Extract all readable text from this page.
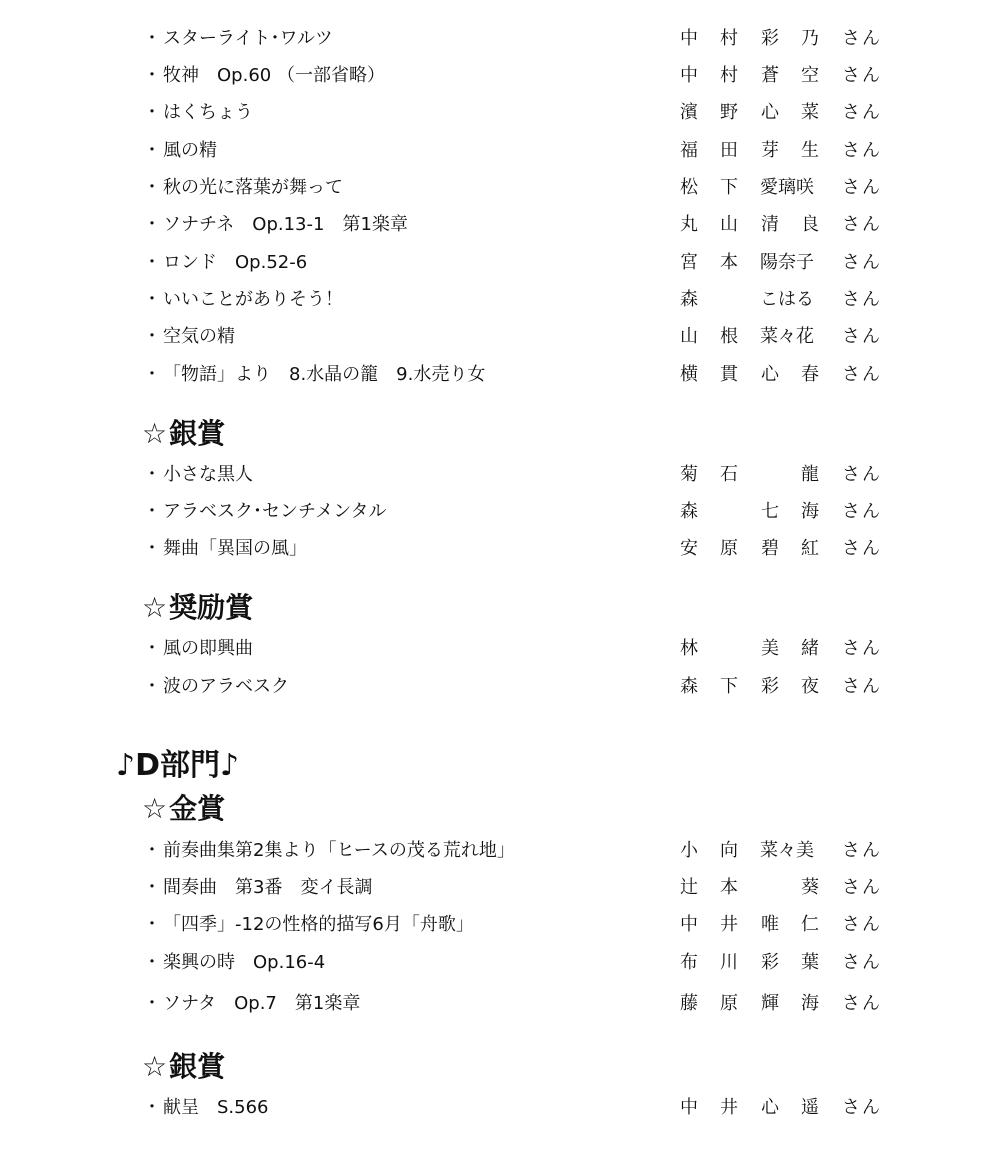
・ スターライト･ワルツ	中 村 彩 乃 さん
・ 牧神　Op.60 （一部省略）	中 村 蒼 空 さん
・ はくちょう	濱 野 心 菜 さん
・ 風の精	福 田 芽 生 さん
・ 秋の光に落葉が舞って	松 下 愛璃咲 さん
・ ソナチネ　Op.13-1　第1楽章	丸 山 清 良 さん
・ ロンド　Op.52-6	宮 本 陽奈子 さん
・ いいことがありそう！	森	こはる さん
・ 空気の精	山 根 菜々花 さん
・ 「物語」より　8.水晶の籠　9.水売り女	横 貫 心 春 さん
☆銀賞
・ 小さな黒人	菊 石	龍 さん
・ アラベスク･センチメンタル	森	七 海 さん
・ 舞曲「異国の風」	安 原 碧 紅 さん
☆奨励賞
・ 風の即興曲	林	美 緒 さん
・ 波のアラベスク	森 下 彩 夜 さん
♪D部門♪
☆金賞
・ 前奏曲集第2集より「ヒースの茂る荒れ地」	小 向 菜々美 さん
・ 間奏曲　第3番　変イ長調	辻 本	葵 さん
・ 「四季」-12の性格的描写6月「舟歌」	中 井 唯 仁 さん
・ 楽興の時　Op.16-4	布 川 彩 葉 さん
・ ソナタ　Op.7　第1楽章	藤 原 輝 海 さん
☆銀賞
・ 献呈　S.566	中 井 心 遥 さん
